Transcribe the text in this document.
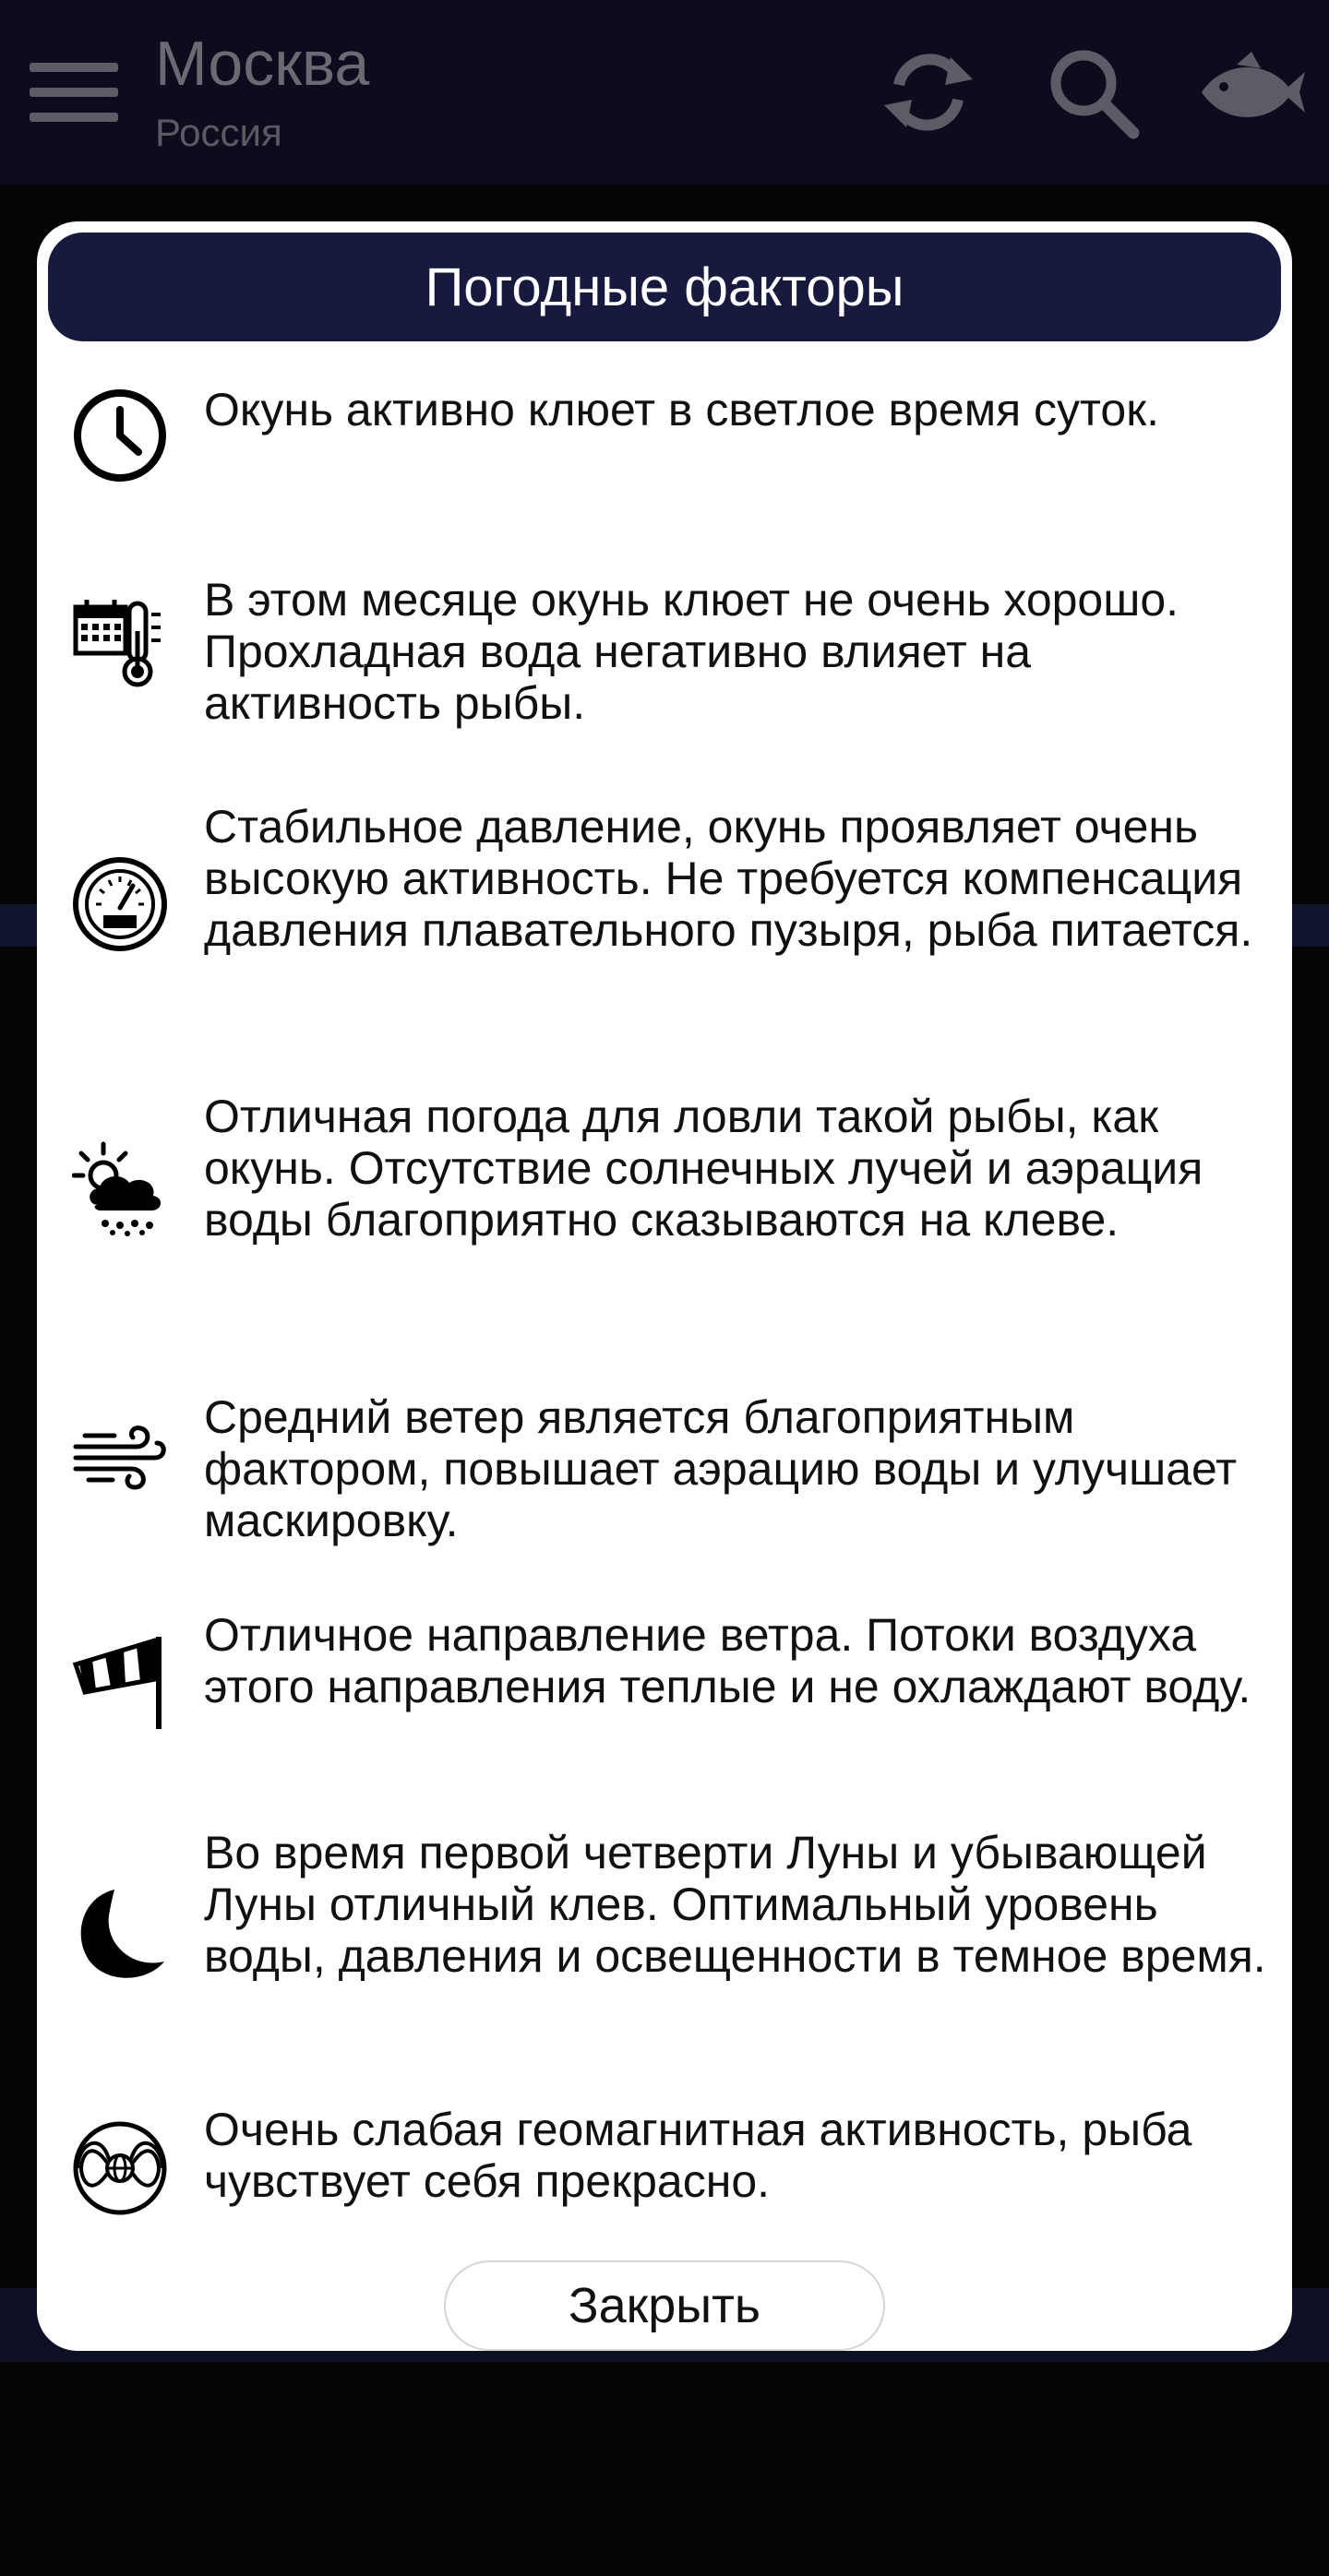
Москва
Россия
Погодные факторы
Окунь активно клюет в светлое время суток.
В этом месяце окунь клюет не очень хорошо. Прохладная вода негативно влияет на активность рыбы.
Стабильное давление, окунь проявляет очень высокую активность. Не требуется компенсация давления плавательного пузыря, рыба питается.
Отличная погода для ловли такой рыбы, как окунь. Отсутствие солнечных лучей и аэрация воды благоприятно сказываются на клеве.
Средний ветер является благоприятным фактором, повышает аэрацию воды и улучшает маскировку.
Отличное направление ветра. Потоки воздуха этого направления теплые и не охлаждают воду.
Во время первой четверти Луны и убывающей Луны отличный клев. Оптимальный уровень воды, давления и освещенности в темное время.
Очень слабая геомагнитная активность, рыба чувствует себя прекрасно.
Закрыть
